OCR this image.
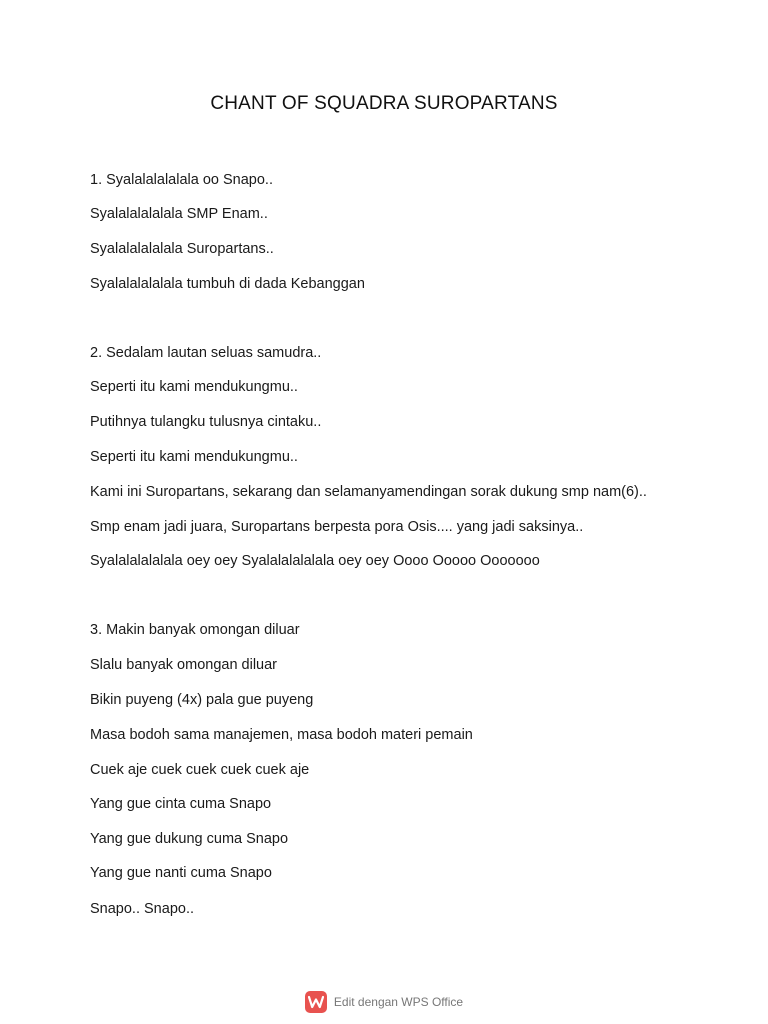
CHANT OF SQUADRA SUROPARTANS
1. Syalalalalalala oo Snapo..
Syalalalalalala SMP Enam..
Syalalalalalala Suropartans..
Syalalalalalala tumbuh di dada Kebanggan
2. Sedalam lautan seluas samudra..
Seperti itu kami mendukungmu..
Putihnya tulangku tulusnya cintaku..
Seperti itu kami mendukungmu..
Kami ini Suropartans, sekarang dan selamanyamendingan sorak dukung smp nam(6)..
Smp enam jadi juara, Suropartans berpesta pora Osis.... yang jadi saksinya..
Syalalalalalala oey oey Syalalalalalala oey oey Oooo Ooooo Ooooooo
3. Makin banyak omongan diluar
Slalu banyak omongan diluar
Bikin puyeng (4x) pala gue puyeng
Masa bodoh sama manajemen, masa bodoh materi pemain
Cuek aje cuek cuek cuek cuek aje
Yang gue cinta cuma Snapo
Yang gue dukung cuma Snapo
Yang gue nanti cuma Snapo
Snapo.. Snapo..
Edit dengan WPS Office
